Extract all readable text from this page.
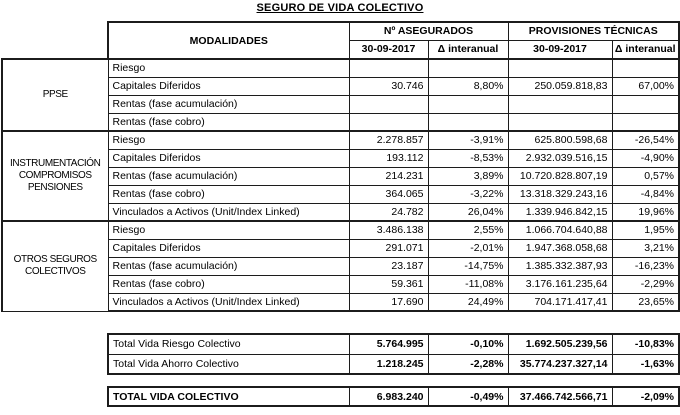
SEGURO DE VIDA COLECTIVO
	MODALIDADES	Nº ASEGURADOS		PROVISIONES TÉCNICAS	
		30-09-2017	Δ interanual	30-09-2017	Δ interanual
PPSE	Riesgo				
	Capitales Diferidos	30.746	8,80%	250.059.818,83	67,00%
	Rentas (fase acumulación)				
	Rentas (fase cobro)				
INSTRUMENTACIÓN COMPROMISOS PENSIONES	Riesgo	2.278.857	-3,91%	625.800.598,68	-26,54%
	Capitales Diferidos	193.112	-8,53%	2.932.039.516,15	-4,90%
	Rentas (fase acumulación)	214.231	3,89%	10.720.828.807,19	0,57%
	Rentas (fase cobro)	364.065	-3,22%	13.318.329.243,16	-4,84%
	Vinculados a Activos (Unit/Index Linked)	24.782	26,04%	1.339.946.842,15	19,96%
OTROS SEGUROS COLECTIVOS	Riesgo	3.486.138	2,55%	1.066.704.640,88	1,95%
	Capitales Diferidos	291.071	-2,01%	1.947.368.058,68	3,21%
	Rentas (fase acumulación)	23.187	-14,75%	1.385.332.387,93	-16,23%
	Rentas (fase cobro)	59.361	-11,08%	3.176.161.235,64	-2,29%
	Vinculados a Activos (Unit/Index Linked)	17.690	24,49%	704.171.417,41	23,65%
Total Vida Riesgo Colectivo	5.764.995	-0,10%	1.692.505.239,56	-10,83%
Total Vida Ahorro Colectivo	1.218.245	-2,28%	35.774.237.327,14	-1,63%
TOTAL VIDA COLECTIVO	6.983.240	-0,49%	37.466.742.566,71	-2,09%
